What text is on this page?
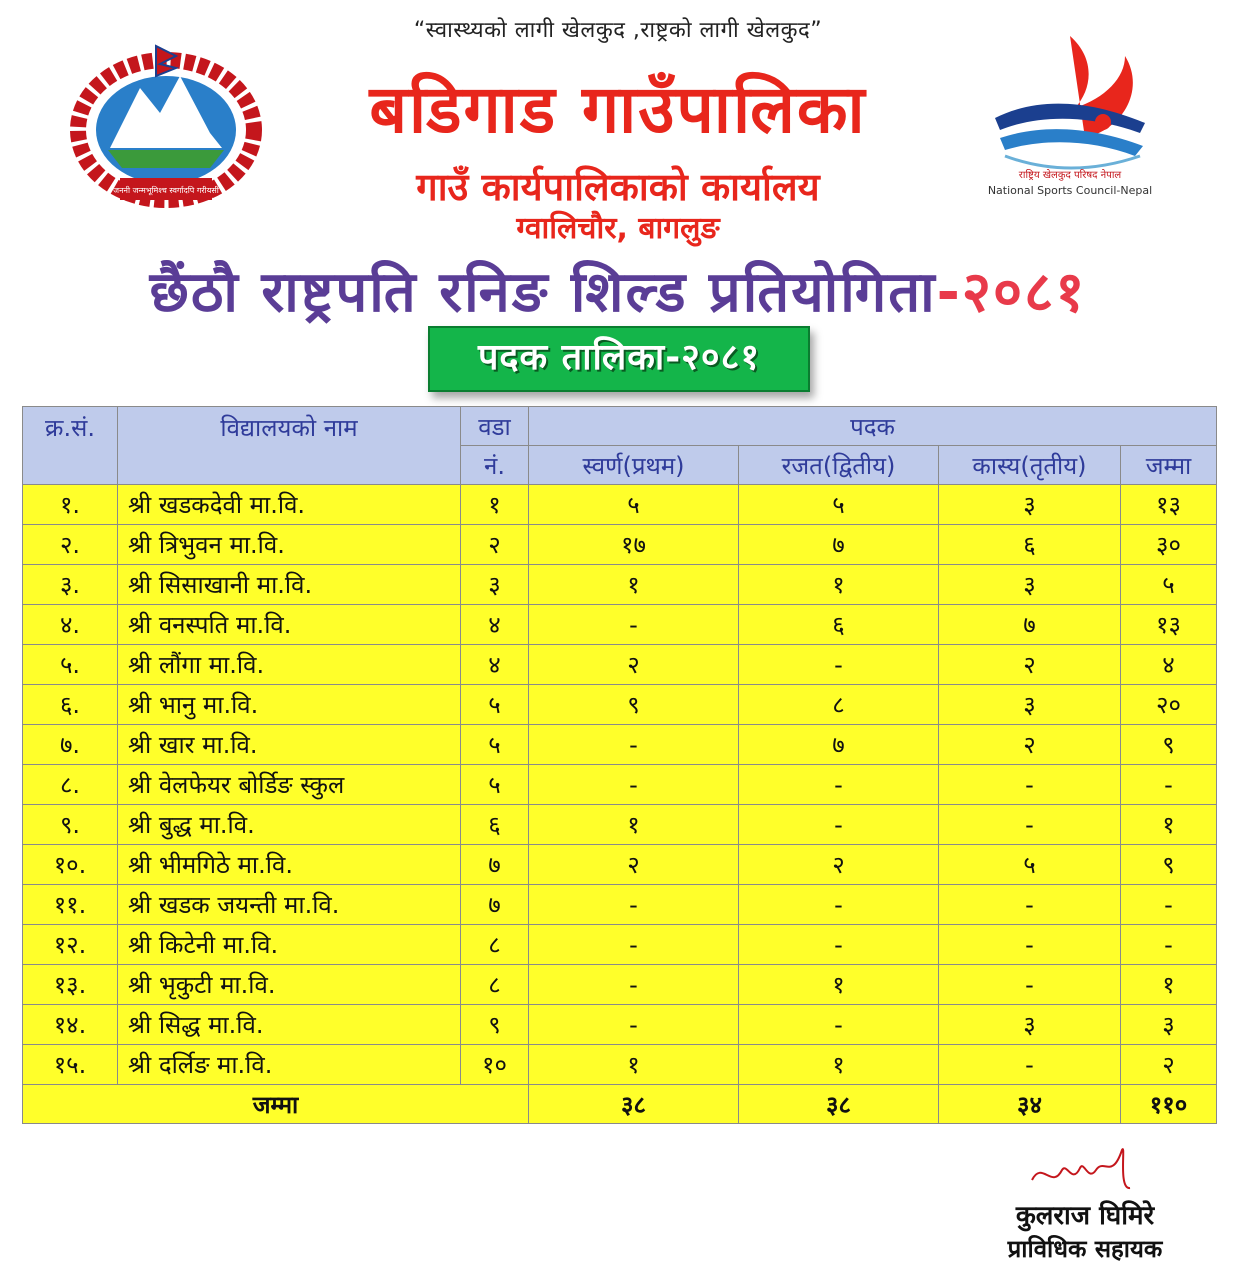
“स्वास्थ्यको लागी खेलकुद ,राष्ट्रको लागी खेलकुद”
जननी जन्मभूमिश्च स्वर्गादपि गरीयसी
राष्ट्रिय खेलकुद परिषद नेपाल
National Sports Council-Nepal
बडिगाड गाउँपालिका
गाउँ कार्यपालिकाको कार्यालय
ग्वालिचौर, बागलुङ
छैंठौ राष्ट्रपति रनिङ शिल्ड प्रतियोगिता-२०८१
पदक तालिका-२०८१
क्र.सं.	विद्यालयको नाम	वडा	पदक			
		नं.	स्वर्ण(प्रथम)	रजत(द्वितीय)	कास्य(तृतीय)	जम्मा
१.	श्री खडकदेवी मा.वि.	१	५	५	३	१३
२.	श्री त्रिभुवन मा.वि.	२	१७	७	६	३०
३.	श्री सिसाखानी मा.वि.	३	१	१	३	५
४.	श्री वनस्पति मा.वि.	४	-	६	७	१३
५.	श्री लौंगा मा.वि.	४	२	-	२	४
६.	श्री भानु मा.वि.	५	९	८	३	२०
७.	श्री खार मा.वि.	५	-	७	२	९
८.	श्री वेलफेयर बोर्डिङ स्कुल	५	-	-	-	-
९.	श्री बुद्ध मा.वि.	६	१	-	-	१
१०.	श्री भीमगिठे मा.वि.	७	२	२	५	९
११.	श्री खडक जयन्ती मा.वि.	७	-	-	-	-
१२.	श्री किटेनी मा.वि.	८	-	-	-	-
१३.	श्री भृकुटी मा.वि.	८	-	१	-	१
१४.	श्री सिद्ध मा.वि.	९	-	-	३	३
१५.	श्री दर्लिङ मा.वि.	१०	१	१	-	२
जम्मा			३८	३८	३४	११०
कुलराज घिमिरे
प्राविधिक सहायक
